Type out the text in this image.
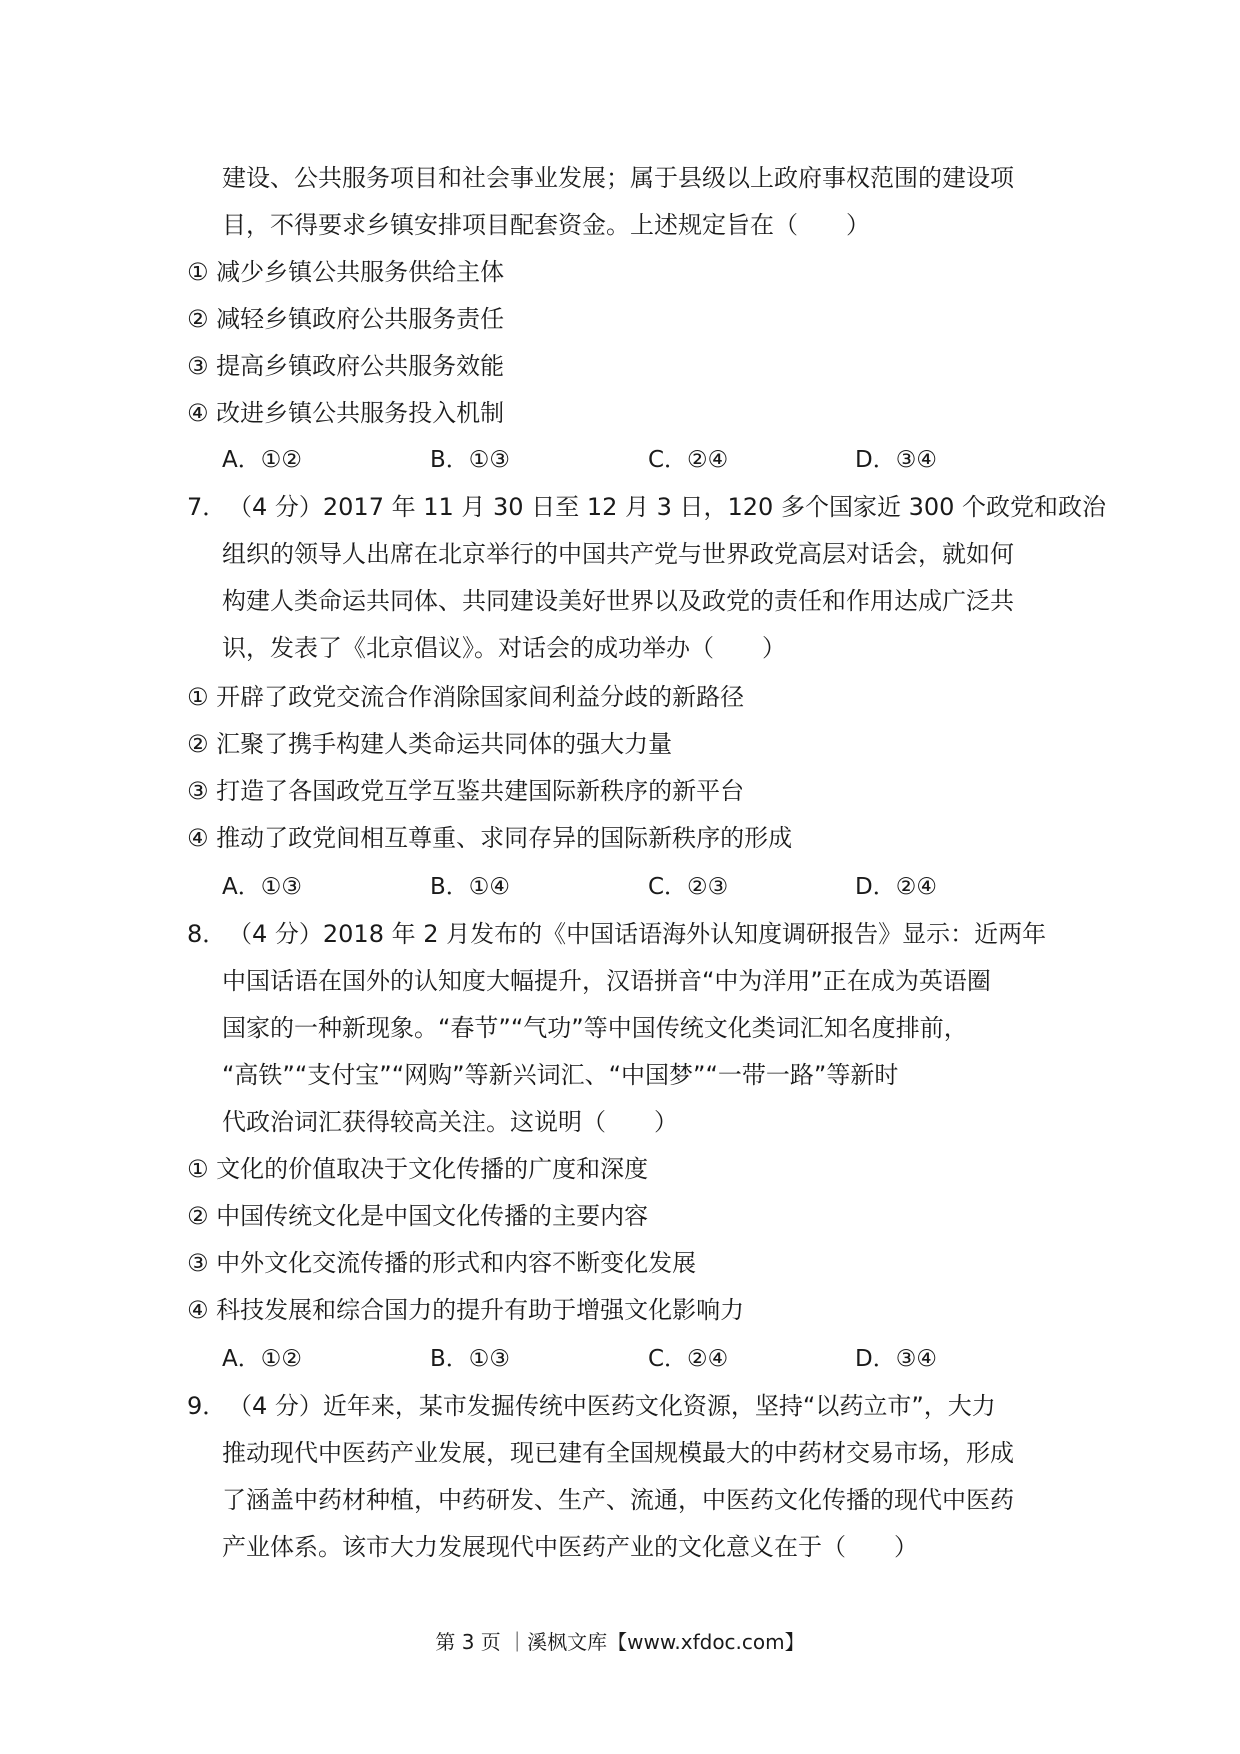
建设、公共服务项目和社会事业发展；属于县级以上政府事权范围的建设项
目，不得要求乡镇安排项目配套资金。上述规定旨在（　　）
① 减少乡镇公共服务供给主体
② 减轻乡镇政府公共服务责任
③ 提高乡镇政府公共服务效能
④ 改进乡镇公共服务投入机制
A．①②	B．①③	C．②④	D．③④
7． （4 分）2017 年 11 月 30 日至 12 月 3 日，120 多个国家近 300 个政党和政治
组织的领导人出席在北京举行的中国共产党与世界政党高层对话会，就如何
构建人类命运共同体、共同建设美好世界以及政党的责任和作用达成广泛共
识，发表了《北京倡议》。对话会的成功举办（　　）
① 开辟了政党交流合作消除国家间利益分歧的新路径
② 汇聚了携手构建人类命运共同体的强大力量
③ 打造了各国政党互学互鉴共建国际新秩序的新平台
④ 推动了政党间相互尊重、求同存异的国际新秩序的形成
A．①③	B．①④	C．②③	D．②④
8． （4 分）2018 年 2 月发布的《中国话语海外认知度调研报告》显示：近两年
中国话语在国外的认知度大幅提升，汉语拼音“中为洋用”正在成为英语圈
国家的一种新现象。“春节”“气功”等中国传统文化类词汇知名度排前，
“高铁”“支付宝”“网购”等新兴词汇、“中国梦”“一带一路”等新时
代政治词汇获得较高关注。这说明（　　）
① 文化的价值取决于文化传播的广度和深度
② 中国传统文化是中国文化传播的主要内容
③ 中外文化交流传播的形式和内容不断变化发展
④ 科技发展和综合国力的提升有助于增强文化影响力
A．①②	B．①③	C．②④	D．③④
9． （4 分）近年来，某市发掘传统中医药文化资源，坚持“以药立市”，大力
推动现代中医药产业发展，现已建有全国规模最大的中药材交易市场，形成
了涵盖中药材种植，中药研发、生产、流通，中医药文化传播的现代中医药
产业体系。该市大力发展现代中医药产业的文化意义在于（　　）
第 3 页 ｜溪枫文库【www.xfdoc.com】
